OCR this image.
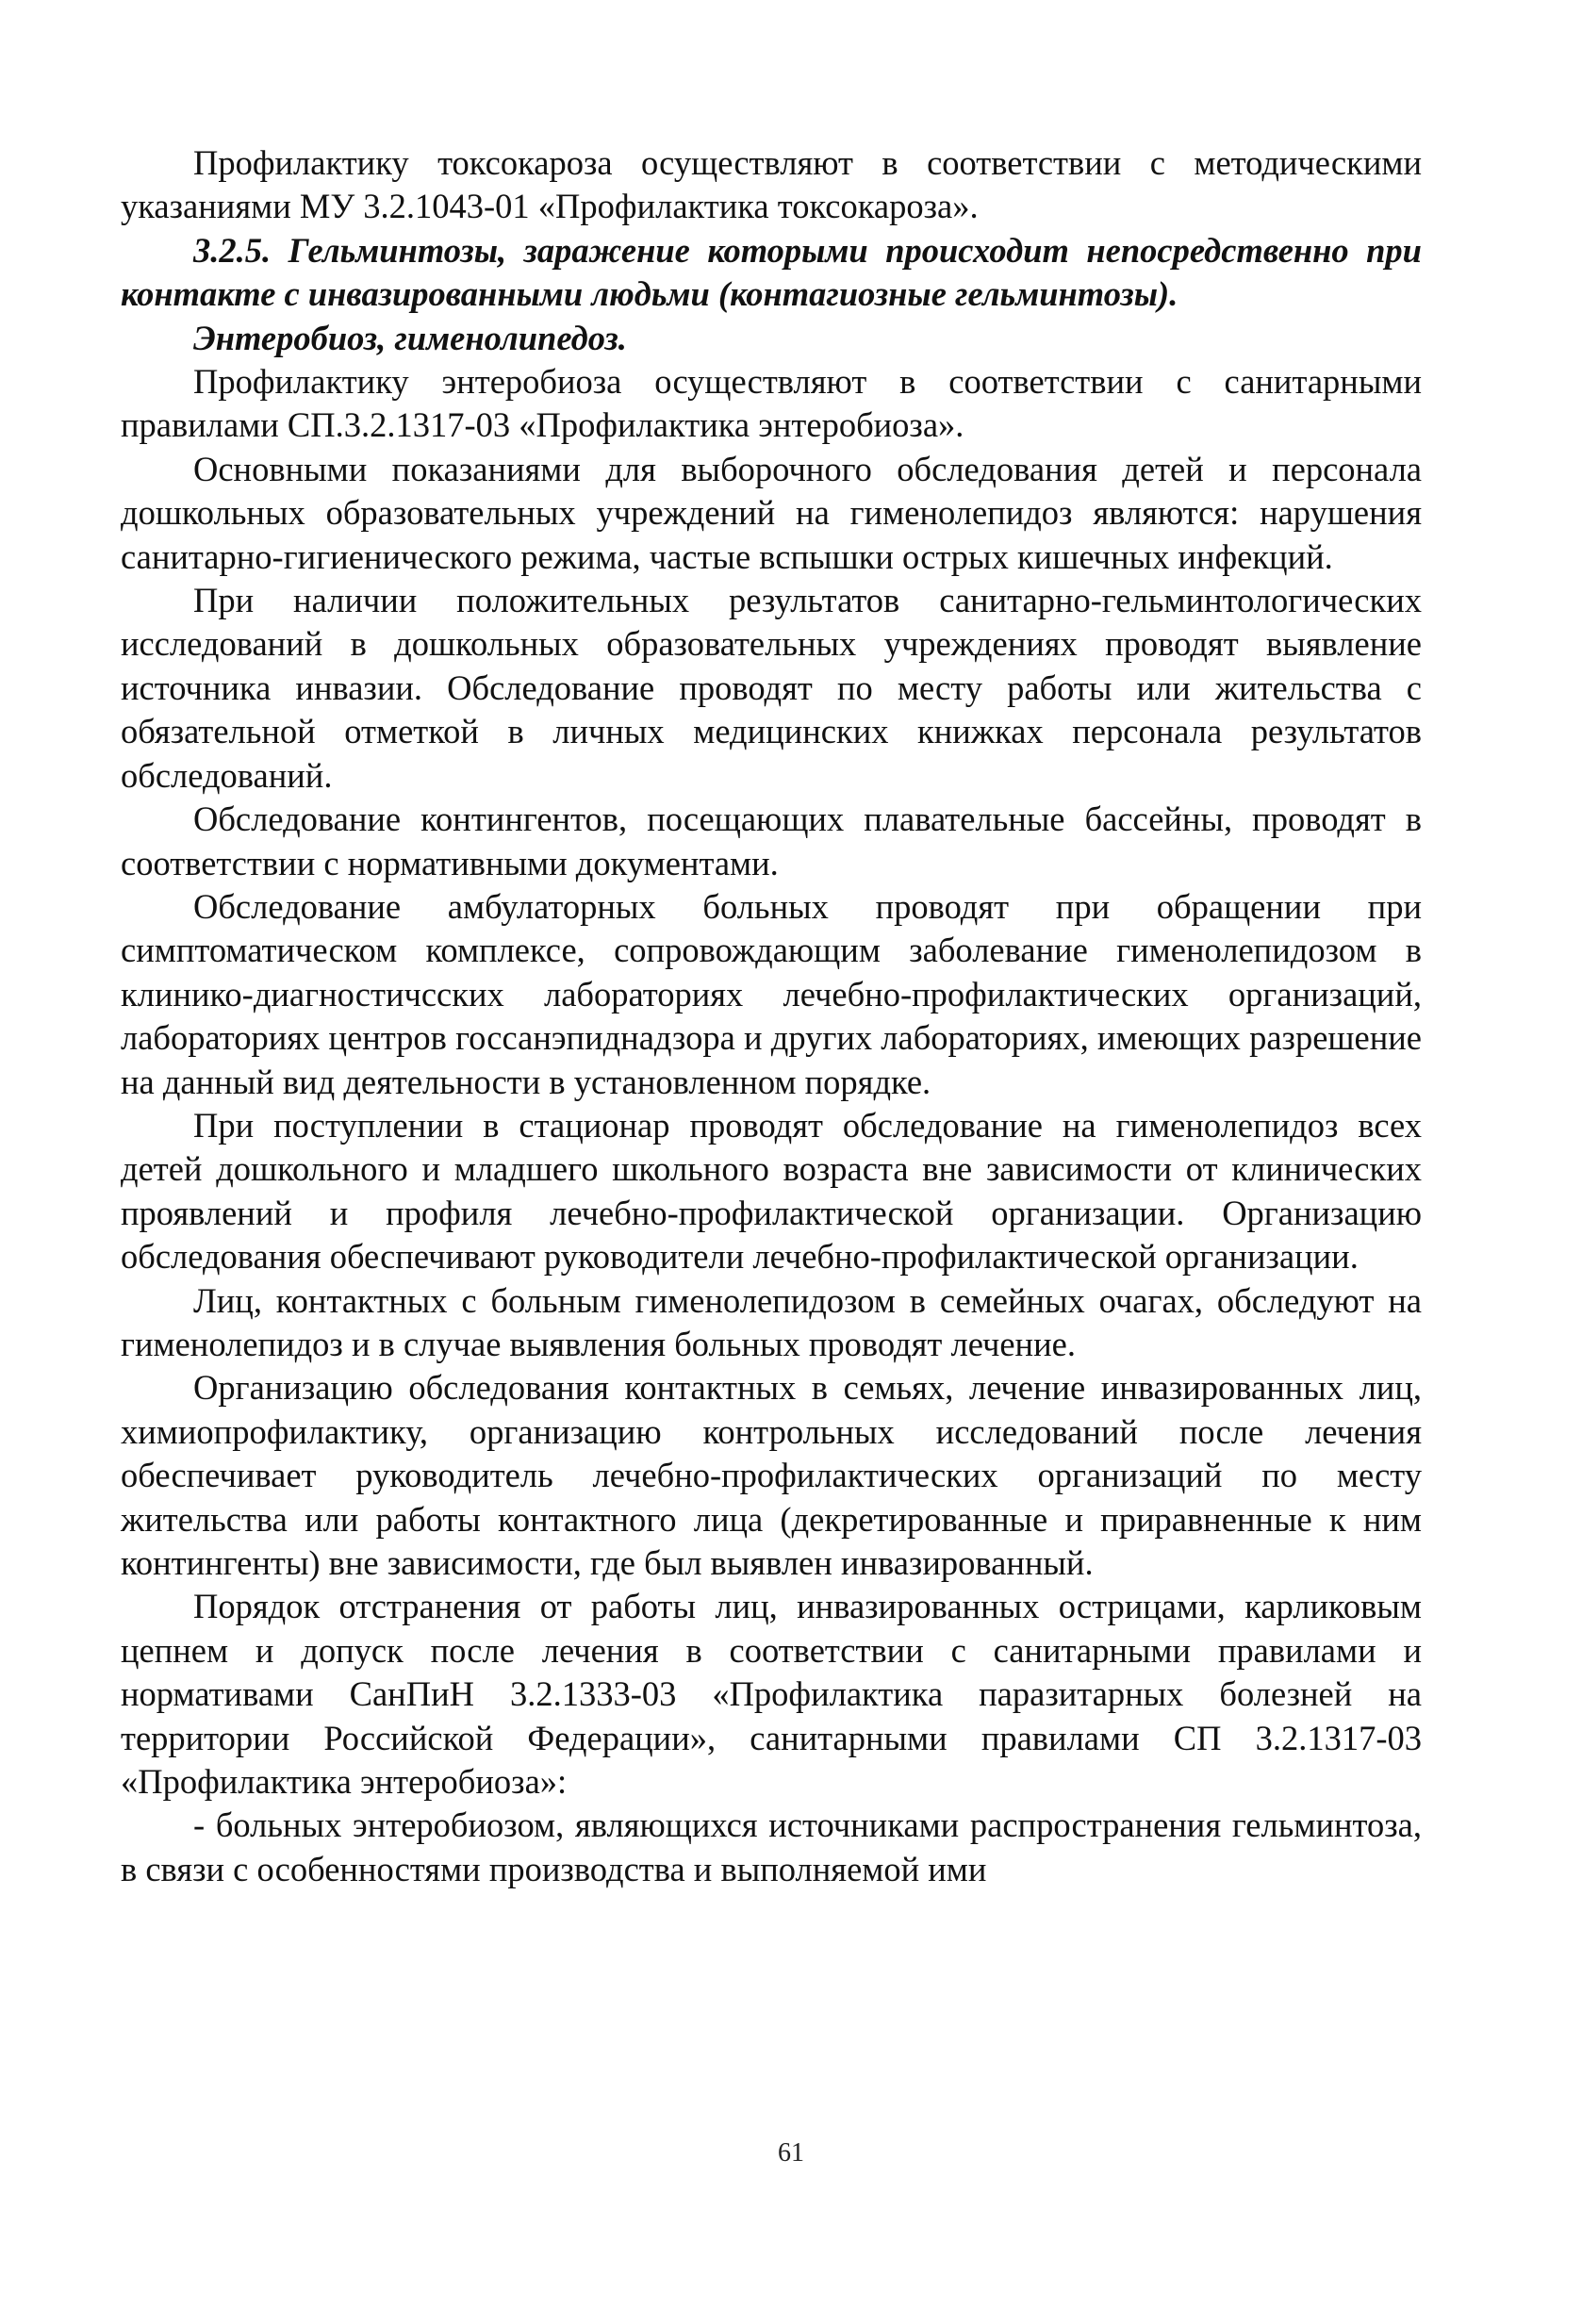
Профилактику токсокароза осуществляют в соответствии с методическими указаниями МУ 3.2.1043-01 «Профилактика токсокароза».

3.2.5. Гельминтозы, заражение которыми происходит непосредственно при контакте с инвазированными людьми (контагиозные гельминтозы).

Энтеробиоз, гименолипедоз.

Профилактику энтеробиоза осуществляют в соответствии с санитарными правилами СП.3.2.1317-03 «Профилактика энтеробиоза».

Основными показаниями для выборочного обследования детей и персонала дошкольных образовательных учреждений на гименолепидоз являются: нарушения санитарно-гигиенического режима, частые вспышки острых кишечных инфекций.

При наличии положительных результатов санитарно-гельминтологических исследований в дошкольных образовательных учреждениях проводят выявление источника инвазии. Обследование проводят по месту работы или жительства с обязательной отметкой в личных медицинских книжках персонала результатов обследований.

Обследование контингентов, посещающих плавательные бассейны, проводят в соответствии с нормативными документами.

Обследование амбулаторных больных проводят при обращении при симптоматическом комплексе, сопровождающим заболевание гименолепидозом в клинико-диагностичсских лабораториях лечебно-профилактических организаций, лабораториях центров госсанэпиднадзора и других лабораториях, имеющих разрешение на данный вид деятельности в установленном порядке.

При поступлении в стационар проводят обследование на гименолепидоз всех детей дошкольного и младшего школьного возраста вне зависимости от клинических проявлений и профиля лечебно-профилактической организации. Организацию обследования обеспечивают руководители лечебно-профилактической организации.

Лиц, контактных с больным гименолепидозом в семейных очагах, обследуют на гименолепидоз и в случае выявления больных проводят лечение.

Организацию обследования контактных в семьях, лечение инвазированных лиц, химиопрофилактику, организацию контрольных исследований после лечения обеспечивает руководитель лечебно-профилактических организаций по месту жительства или работы контактного лица (декретированные и приравненные к ним контингенты) вне зависимости, где был выявлен инвазированный.

Порядок отстранения от работы лиц, инвазированных острицами, карликовым цепнем и допуск после лечения в соответствии с санитарными правилами и нормативами СанПиН 3.2.1333-03 «Профилактика паразитарных болезней на территории Российской Федерации», санитарными правилами СП 3.2.1317-03 «Профилактика энтеробиоза»:

- больных энтеробиозом, являющихся источниками распространения гельминтоза, в связи с особенностями производства и выполняемой ими

61
